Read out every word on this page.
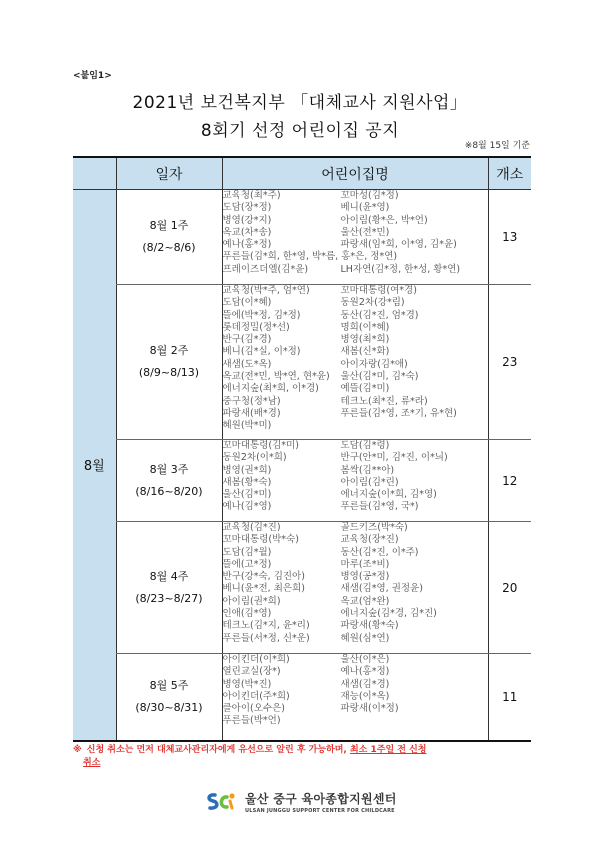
<붙임1>
2021년 보건복지부 「대체교사 지원사업」
8회기 선정 어린이집 공지
※8월 15일 기준
	일자	어린이집명	개소
8월	
8월 1주
(8/2~8/6)

교육청(최*주)	꼬마성(김*정)
도담(장*정)	베니(윤*영)
병영(강*지)	아이림(황*은, 박*언)
옥교(차*송)	울산(전*민)
예나(홍*정)	파랑새(임*희, 이*영, 김*윤)
푸른들(김*희, 한*영, 박*름, 홍*은, 정*연)
프레이즈더엘(김*윤)	LH자연(김*정, 한*성, 황*연)
	13

8월 2주
(8/9~8/13)

교육청(박*주, 엄*연)	꼬마대통령(여*경)
도담(이*혜)	동원2차(강*림)
뜰에(박*정, 김*정)	동산(김*진, 엄*경)
롯데정밀(정*선)	명희(이*혜)
반구(김*경)	병영(최*희)
베니(김*실, 이*정)	새봄(신*화)
새샘(도*옥)	아이자랑(김*애)
옥교(전*민, 박*연, 현*윤)	울산(김*미, 김*숙)
에너지숲(최*희, 이*경)	예뜰(김*미)
중구청(정*남)	테크노(최*진, 류*라)
파랑새(배*경)	푸른들(김*영, 조*기, 유*현)
혜원(박*미)
	23

8월 3주
(8/16~8/20)

꼬마대통령(김*미)	도담(김*령)
동원2차(이*희)	반구(안*미, 김*진, 이*늬)
병영(권*희)	봄싹(김**아)
새봄(황*숙)	아이림(김*린)
울산(김*미)	에너지숲(이*희, 김*영)
예나(김*영)	푸른들(김*영, 국*)
	12

8월 4주
(8/23~8/27)

교육청(김*진)	골드키즈(박*숙)
꼬마대통령(박*숙)	교육청(장*진)
도담(김*월)	동산(김*진, 이*주)
뜰에(고*정)	마루(조*비)
반구(강*숙, 김진아)	병영(공*정)
베니(윤*전, 최은희)	새샘(김*영, 권정윤)
아이림(권*희)	옥교(엄*완)
인애(김*영)	에너지숲(김*경, 김*진)
테크노(김*지, 윤*리)	파랑새(황*숙)
푸른들(서*정, 신*운)	혜원(심*연)
	20

8월 5주
(8/30~8/31)

아이킨더(이*희)	울산(이*은)
열린교실(장*)	예나(홍*정)
병영(박*진)	새샘(김*경)
아이킨더(주*희)	재능(이*옥)
클아이(오수은)	파랑새(이*정)
푸른들(박*언)
	11
※ 신청 취소는 먼저 대체교사관리자에게 유선으로 알린 후 가능하며, 최소 1주일 전 신청
취소
울산 중구 육아종합지원센터
ULSAN JUNGGU SUPPORT CENTER FOR CHILDCARE
